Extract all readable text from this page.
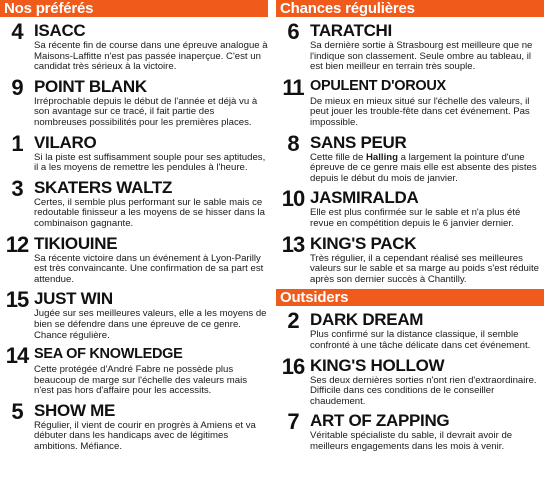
Nos préférés
4 ISACC
Sa récente fin de course dans une épreuve analogue à Maisons-Laffitte n'est pas passée inaperçue. C'est un candidat très sérieux à la victoire.
9 POINT BLANK
Irréprochable depuis le début de l'année et déjà vu à son avantage sur ce tracé, il fait partie des nombreuses possibilités pour les premières places.
1 VILARO
Si la piste est suffisamment souple pour ses aptitudes, il a les moyens de remettre les pendules à l'heure.
3 SKATERS WALTZ
Certes, il semble plus performant sur le sable mais ce redoutable finisseur a les moyens de se hisser dans la combinaison gagnante.
12 TIKIOUINE
Sa récente victoire dans un événement à Lyon-Parilly est très convaincante. Une confirmation de sa part est attendue.
15 JUST WIN
Jugée sur ses meilleures valeurs, elle a les moyens de bien se défendre dans une épreuve de ce genre. Chance régulière.
14 SEA OF KNOWLEDGE
Cette protégée d'André Fabre ne possède plus beaucoup de marge sur l'échelle des valeurs mais n'est pas hors d'affaire pour les accessits.
5 SHOW ME
Régulier, il vient de courir en progrès à Amiens et va débuter dans les handicaps avec de légitimes ambitions. Méfiance.
Chances régulières
6 TARATCHI
Sa dernière sortie à Strasbourg est meilleure que ne l'indique son classement. Seule ombre au tableau, il est bien meilleur en terrain très souple.
11 OPULENT D'OROUX
De mieux en mieux situé sur l'échelle des valeurs, il peut jouer les trouble-fête dans cet événement. Pas impossible.
8 SANS PEUR
Cette fille de Halling a largement la pointure d'une épreuve de ce genre mais elle est absente des pistes depuis le début du mois de janvier.
10 JASMIRALDA
Elle est plus confirmée sur le sable et n'a plus été revue en compétition depuis le 6 janvier dernier.
13 KING'S PACK
Très régulier, il a cependant réalisé ses meilleures valeurs sur le sable et sa marge au poids s'est réduite après son dernier succès à Chantilly.
Outsiders
2 DARK DREAM
Plus confirmé sur la distance classique, il semble confronté à une tâche délicate dans cet événement.
16 KING'S HOLLOW
Ses deux dernières sorties n'ont rien d'extraordinaire. Difficile dans ces conditions de le conseiller chaudement.
7 ART OF ZAPPING
Véritable spécialiste du sable, il devrait avoir de meilleurs engagements dans les mois à venir.
